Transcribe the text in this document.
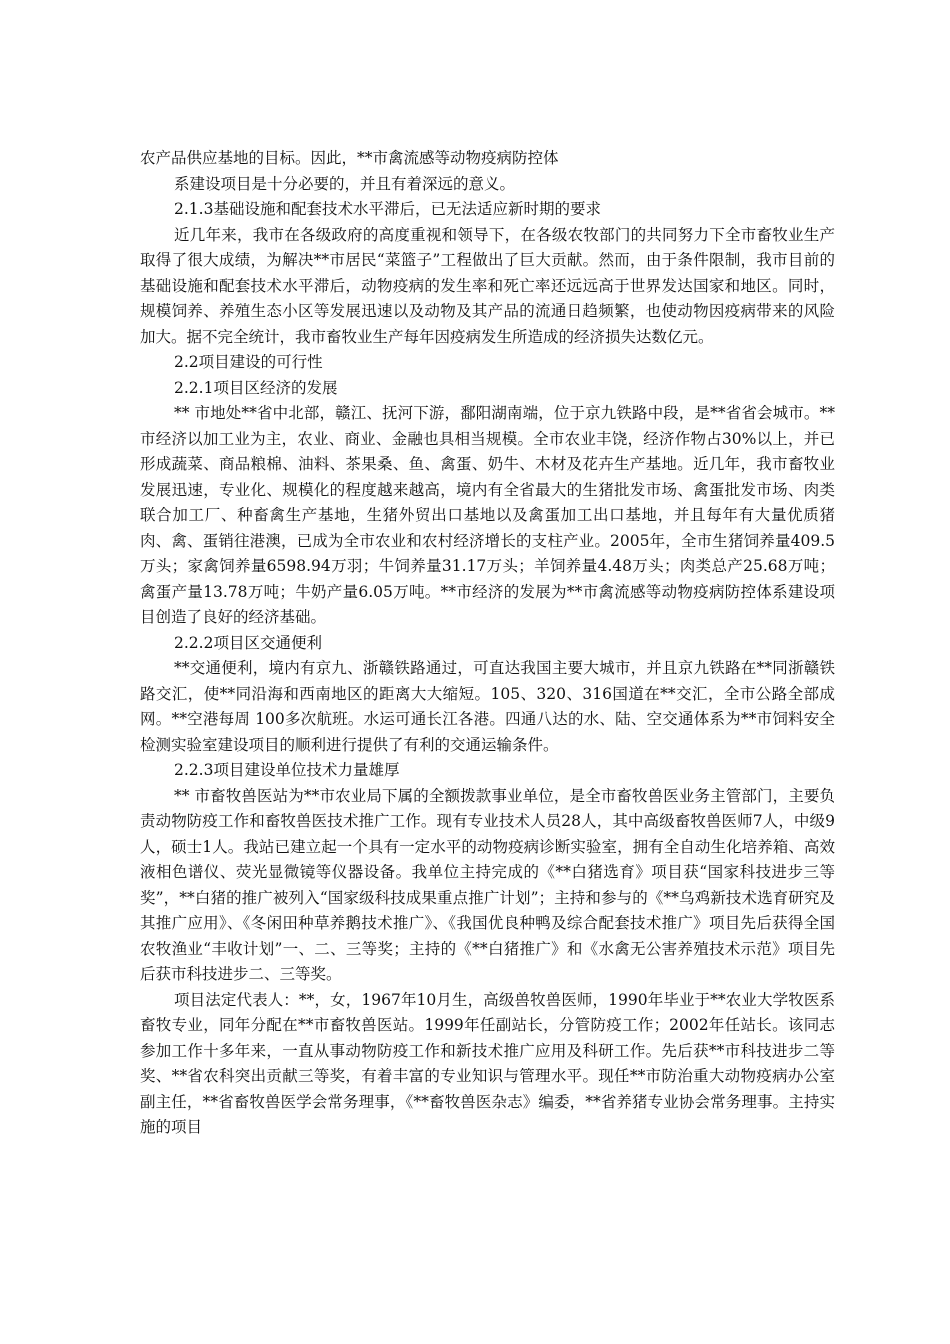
农产品供应基地的目标。因此，**市禽流感等动物疫病防控体

系建设项目是十分必要的，并且有着深远的意义。

2.1.3基础设施和配套技术水平滞后，已无法适应新时期的要求

近几年来，我市在各级政府的高度重视和领导下，在各级农牧部门的共同努力下全市畜牧业生产取得了很大成绩，为解决**市居民“菜篮子”工程做出了巨大贡献。然而，由于条件限制，我市目前的基础设施和配套技术水平滞后，动物疫病的发生率和死亡率还远远高于世界发达国家和地区。同时，规模饲养、养殖生态小区等发展迅速以及动物及其产品的流通日趋频繁，也使动物因疫病带来的风险加大。据不完全统计，我市畜牧业生产每年因疫病发生所造成的经济损失达数亿元。

2.2项目建设的可行性

2.2.1项目区经济的发展

** 市地处**省中北部，赣江、抚河下游，鄱阳湖南端，位于京九铁路中段，是**省省会城市。**市经济以加工业为主，农业、商业、金融也具相当规模。全市农业丰饶，经济作物占30%以上，并已形成蔬菜、商品粮棉、油料、茶果桑、鱼、禽蛋、奶牛、木材及花卉生产基地。近几年，我市畜牧业发展迅速，专业化、规模化的程度越来越高，境内有全省最大的生猪批发市场、禽蛋批发市场、肉类联合加工厂、种畜禽生产基地，生猪外贸出口基地以及禽蛋加工出口基地，并且每年有大量优质猪肉、禽、蛋销往港澳，已成为全市农业和农村经济增长的支柱产业。2005年，全市生猪饲养量409.5万头；家禽饲养量6598.94万羽；牛饲养量31.17万头；羊饲养量4.48万头；肉类总产25.68万吨；禽蛋产量13.78万吨；牛奶产量6.05万吨。**市经济的发展为**市禽流感等动物疫病防控体系建设项目创造了良好的经济基础。

2.2.2项目区交通便利

**交通便利，境内有京九、浙赣铁路通过，可直达我国主要大城市，并且京九铁路在**同浙赣铁路交汇，使**同沿海和西南地区的距离大大缩短。105、320、316国道在**交汇，全市公路全部成网。**空港每周 100多次航班。水运可通长江各港。四通八达的水、陆、空交通体系为**市饲料安全检测实验室建设项目的顺利进行提供了有利的交通运输条件。

2.2.3项目建设单位技术力量雄厚

** 市畜牧兽医站为**市农业局下属的全额拨款事业单位，是全市畜牧兽医业务主管部门，主要负责动物防疫工作和畜牧兽医技术推广工作。现有专业技术人员28人，其中高级畜牧兽医师7人，中级9人，硕士1人。我站已建立起一个具有一定水平的动物疫病诊断实验室，拥有全自动生化培养箱、高效液相色谱仪、荧光显微镜等仪器设备。我单位主持完成的《**白猪选育》项目获“国家科技进步三等奖”，**白猪的推广被列入“国家级科技成果重点推广计划”；主持和参与的《**乌鸡新技术选育研究及其推广应用》、《冬闲田种草养鹅技术推广》、《我国优良种鸭及综合配套技术推广》项目先后获得全国农牧渔业“丰收计划”一、二、三等奖；主持的《**白猪推广》和《水禽无公害养殖技术示范》项目先后获市科技进步二、三等奖。

项目法定代表人：**，女，1967年10月生，高级兽牧兽医师，1990年毕业于**农业大学牧医系畜牧专业，同年分配在**市畜牧兽医站。1999年任副站长，分管防疫工作；2002年任站长。该同志参加工作十多年来，一直从事动物防疫工作和新技术推广应用及科研工作。先后获**市科技进步二等奖、**省农科突出贡献三等奖，有着丰富的专业知识与管理水平。现任**市防治重大动物疫病办公室副主任，**省畜牧兽医学会常务理事，《**畜牧兽医杂志》编委，**省养猪专业协会常务理事。主持实施的项目
